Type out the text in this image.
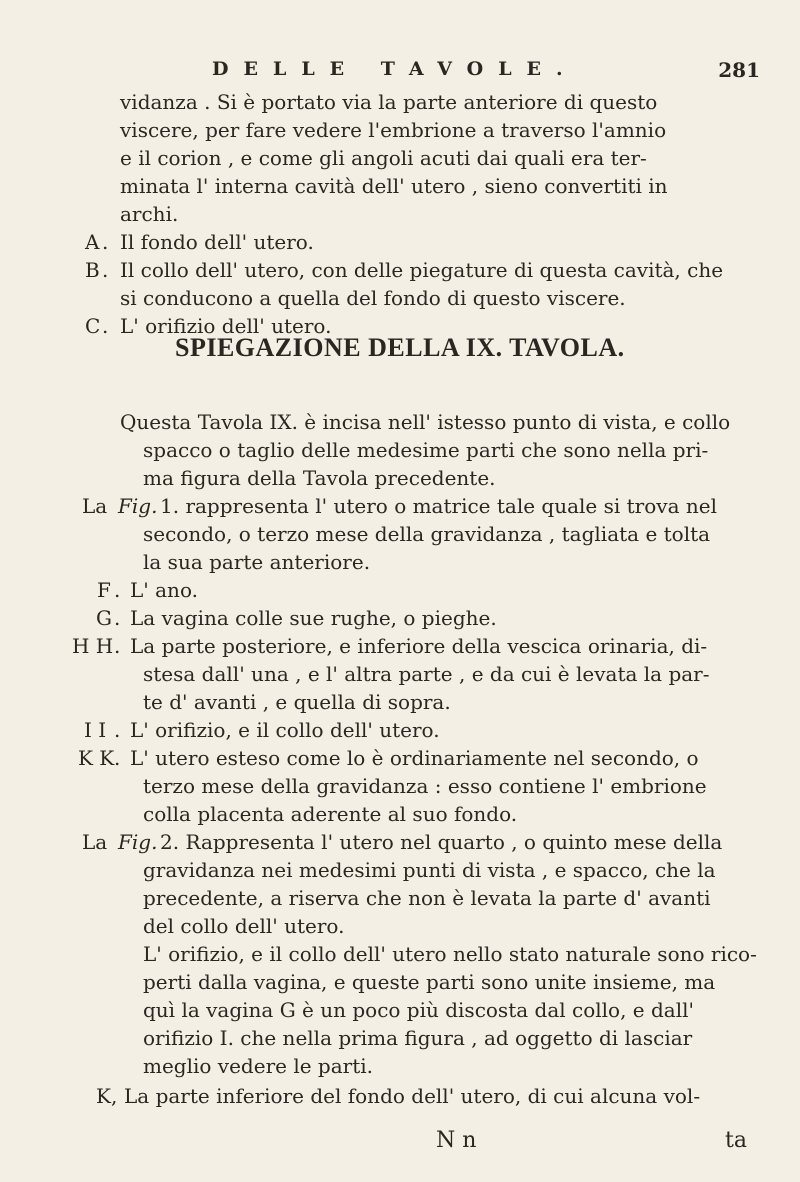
DELLE TAVOLE.	281
vidanza . Si è portato via la parte anteriore di questo
viscere, per fare vedere l'embrione a traverso l'amnio
e il corion , e come gli angoli acuti dai quali era ter-
minata l' interna cavità dell' utero , sieno convertiti in
archi.
A . Il fondo dell' utero.
B . Il collo dell' utero, con delle piegature di questa cavità, che
si conducono a quella del fondo di questo viscere.
C . L' orifizio dell' utero.
SPIEGAZIONE DELLA IX. TAVOLA.
Questa Tavola IX. è incisa nell' istesso punto di vista, e collo
spacco o taglio delle medesime parti che sono nella pri-
ma figura della Tavola precedente.
La Fig. 1. rappresenta l' utero o matrice tale quale si trova nel
secondo, o terzo mese della gravidanza , tagliata e tolta
la sua parte anteriore.
F . L' ano.
G . La vagina colle sue rughe, o pieghe.
H H . La parte posteriore, e inferiore della vescica orinaria, di-
stesa dall' una , e l' altra parte , e da cui è levata la par-
te d' avanti , e quella di sopra.
I I . L' orifizio, e il collo dell' utero.
K K . L' utero esteso come lo è ordinariamente nel secondo, o
terzo mese della gravidanza : esso contiene l' embrione
colla placenta aderente al suo fondo.
La Fig. 2. Rappresenta l' utero nel quarto , o quinto mese della
gravidanza nei medesimi punti di vista , e spacco, che la
precedente, a riserva che non è levata la parte d' avanti
del collo dell' utero.
L' orifizio, e il collo dell' utero nello stato naturale sono rico-
perti dalla vagina, e queste parti sono unite insieme, ma
quì la vagina G è un poco più discosta dal collo, e dall'
orifizio I. che nella prima figura , ad oggetto di lasciar
meglio vedere le parti.
K , La parte inferiore del fondo dell' utero, di cui alcuna vol-
N n	ta
